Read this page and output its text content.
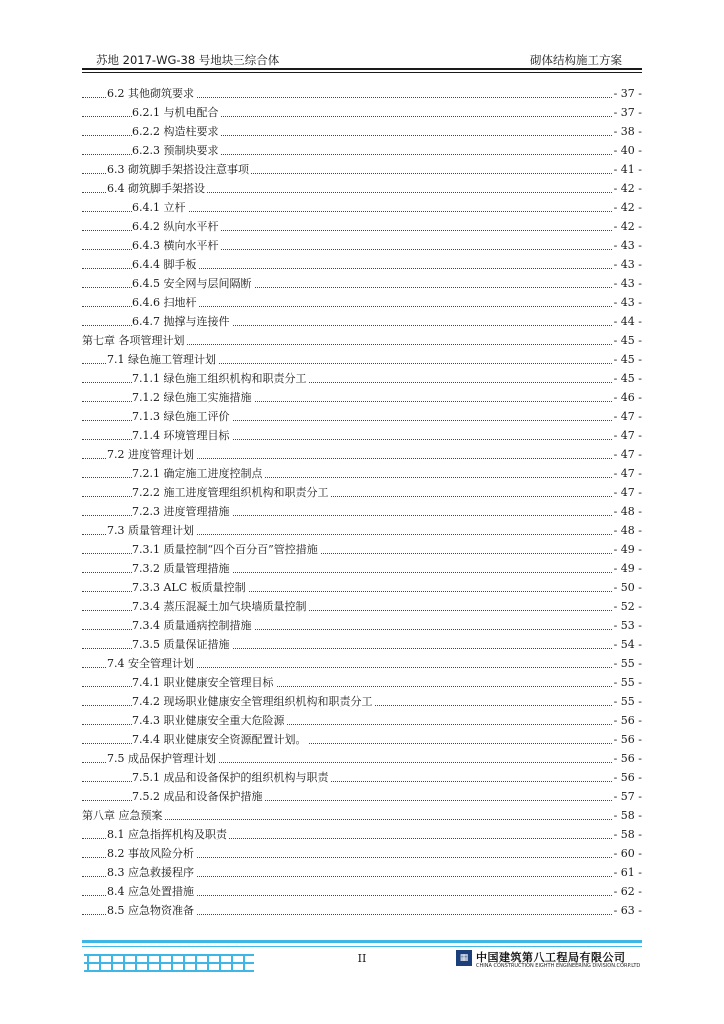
苏地 2017-WG-38 号地块三综合体	砌体结构施工方案
6.2 其他砌筑要求	- 37 -
6.2.1 与机电配合	- 37 -
6.2.2 构造柱要求	- 38 -
6.2.3 预制块要求	- 40 -
6.3 砌筑脚手架搭设注意事项	- 41 -
6.4 砌筑脚手架搭设	- 42 -
6.4.1 立杆	- 42 -
6.4.2 纵向水平杆	- 42 -
6.4.3 横向水平杆	- 43 -
6.4.4 脚手板	- 43 -
6.4.5 安全网与层间隔断	- 43 -
6.4.6 扫地杆	- 43 -
6.4.7 抛撑与连接件	- 44 -
第七章 各项管理计划	- 45 -
7.1 绿色施工管理计划	- 45 -
7.1.1 绿色施工组织机构和职责分工	- 45 -
7.1.2 绿色施工实施措施	- 46 -
7.1.3 绿色施工评价	- 47 -
7.1.4 环境管理目标	- 47 -
7.2 进度管理计划	- 47 -
7.2.1 确定施工进度控制点	- 47 -
7.2.2 施工进度管理组织机构和职责分工	- 47 -
7.2.3 进度管理措施	- 48 -
7.3 质量管理计划	- 48 -
7.3.1 质量控制“四个百分百”管控措施	- 49 -
7.3.2 质量管理措施	- 49 -
7.3.3 ALC 板质量控制	- 50 -
7.3.4 蒸压混凝土加气块墙质量控制	- 52 -
7.3.4 质量通病控制措施	- 53 -
7.3.5 质量保证措施	- 54 -
7.4 安全管理计划	- 55 -
7.4.1 职业健康安全管理目标	- 55 -
7.4.2 现场职业健康安全管理组织机构和职责分工	- 55 -
7.4.3 职业健康安全重大危险源	- 56 -
7.4.4 职业健康安全资源配置计划。	- 56 -
7.5 成品保护管理计划	- 56 -
7.5.1 成品和设备保护的组织机构与职责	- 56 -
7.5.2 成品和设备保护措施	- 57 -
第八章 应急预案	- 58 -
8.1 应急指挥机构及职责	- 58 -
8.2 事故风险分析	- 60 -
8.3 应急救援程序	- 61 -
8.4 应急处置措施	- 62 -
8.5 应急物资准备	- 63 -
II	▦ 中国建筑第八工程局有限公司
CHINA CONSTRUCTION EIGHTH ENGINEERING DIVISION.CORP.LTD
